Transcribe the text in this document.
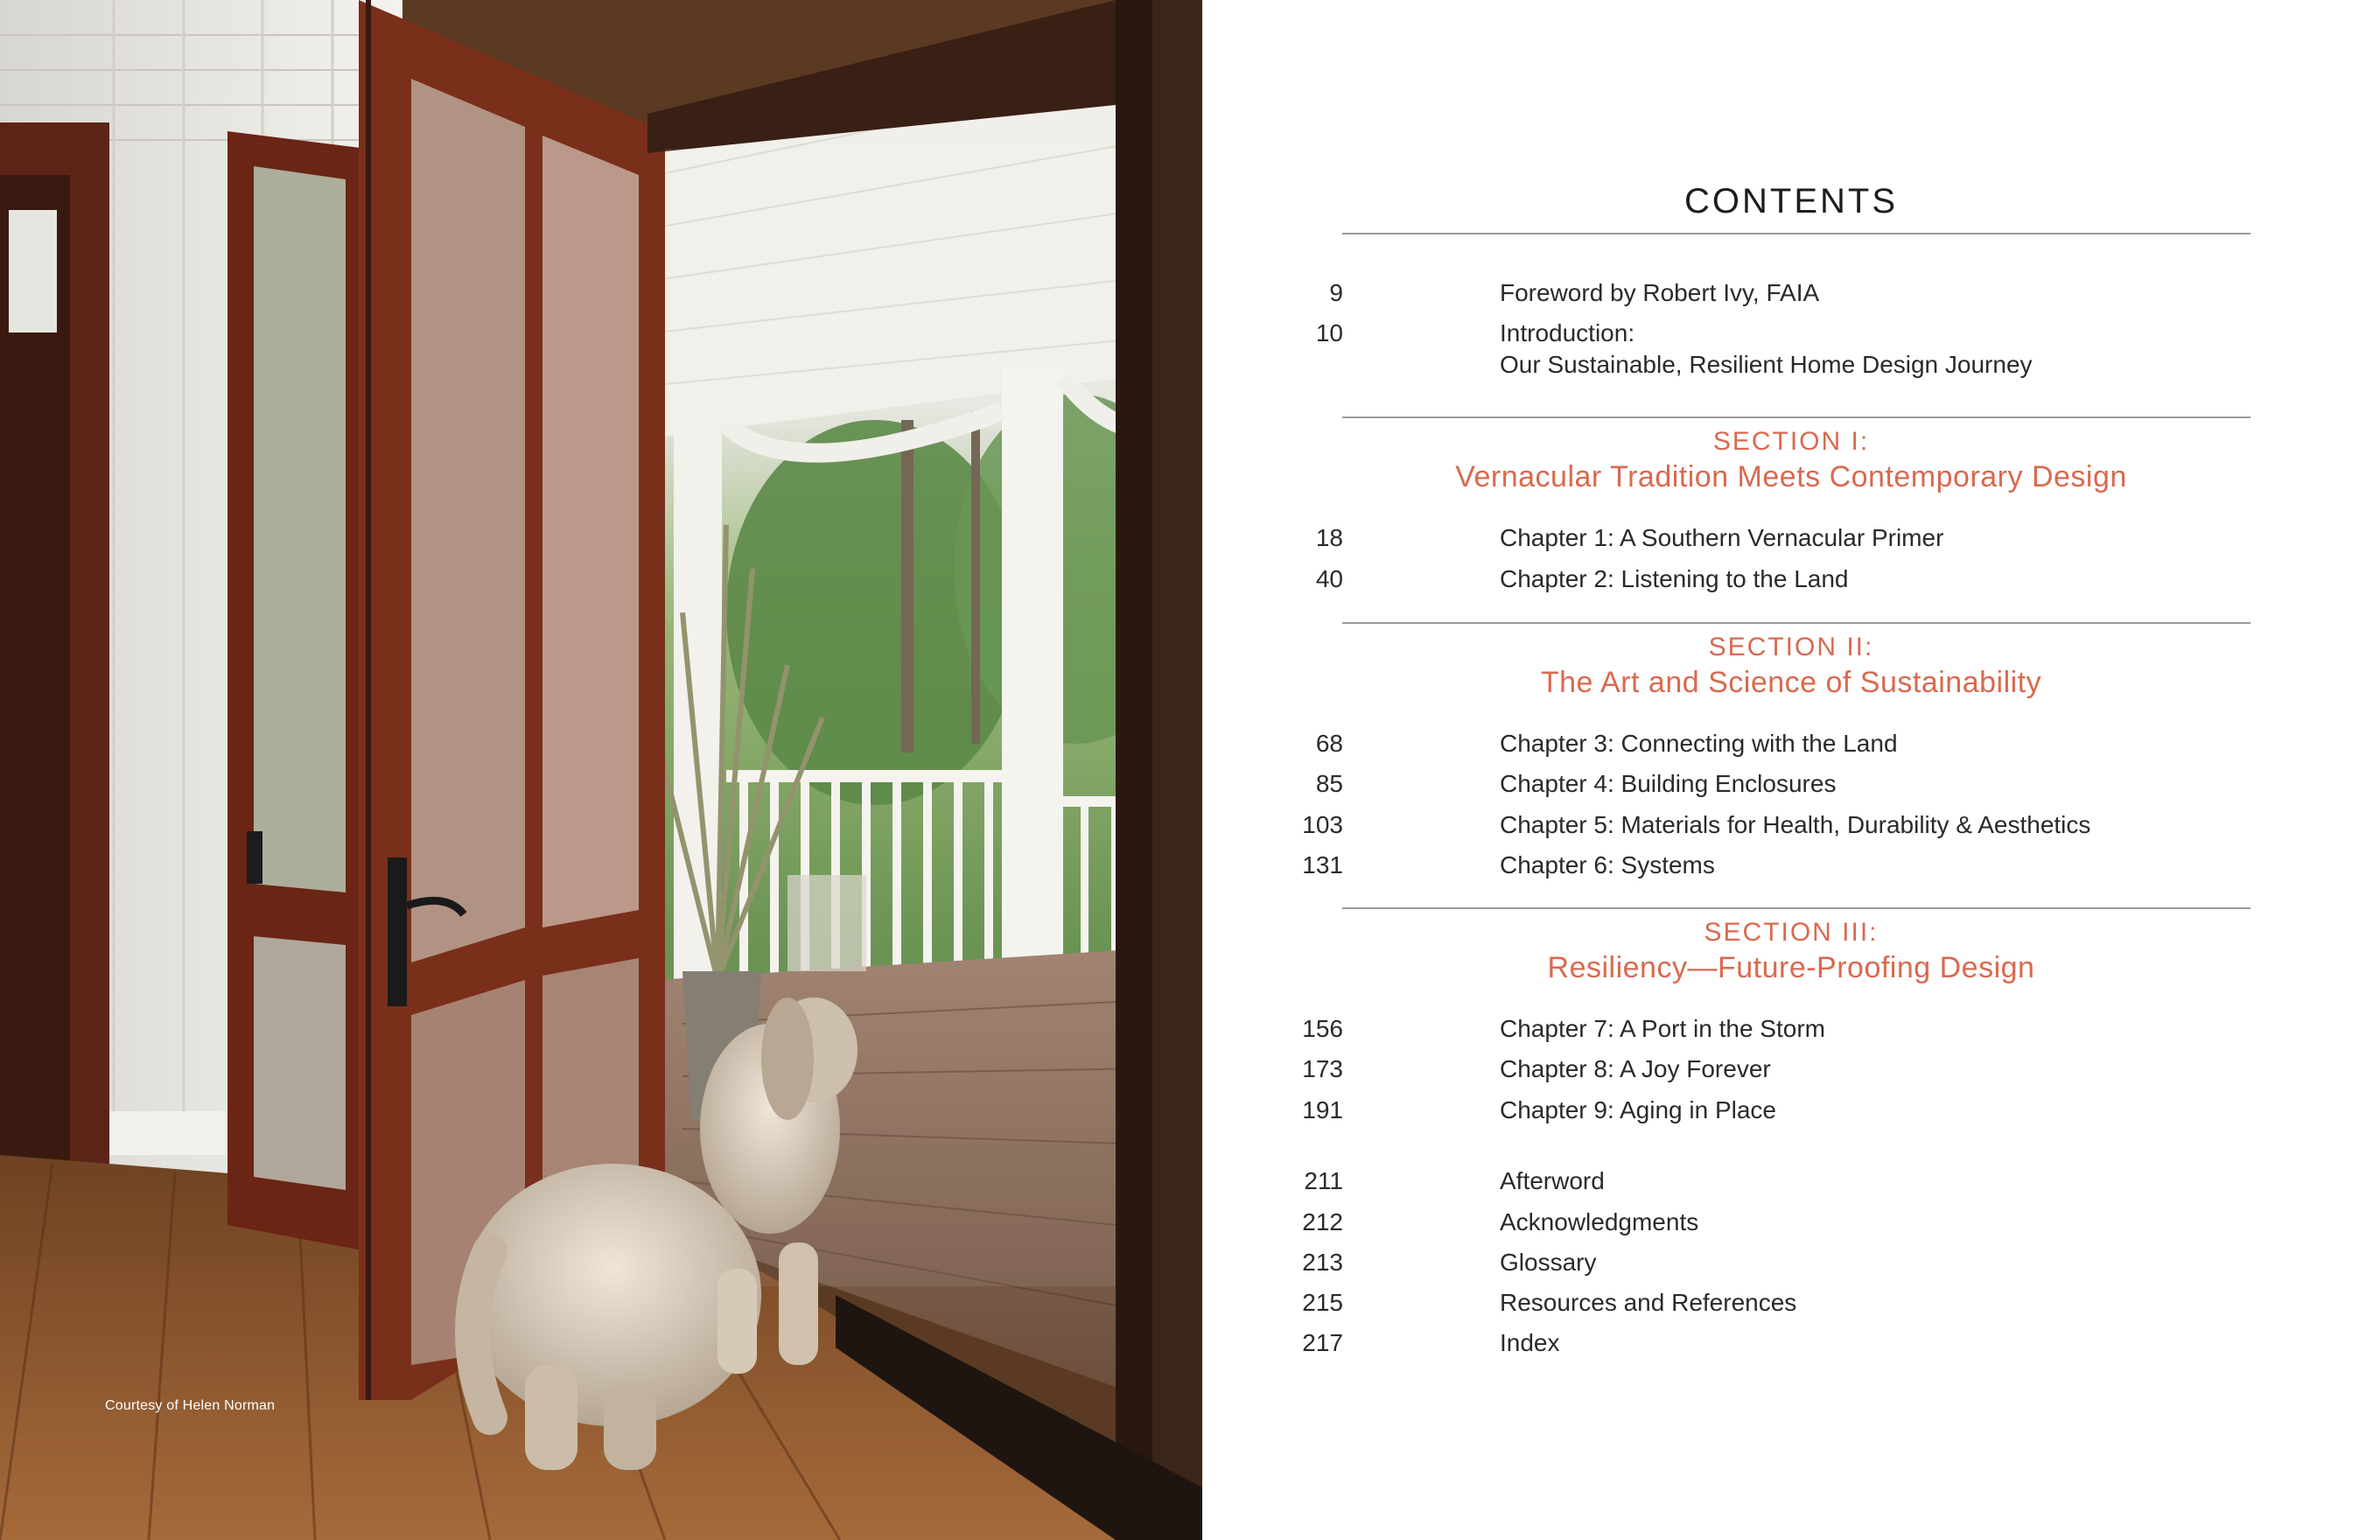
Courtesy of Helen Norman
CONTENTS
9	Foreword by Robert Ivy, FAIA
10	Introduction:
Our Sustainable, Resilient Home Design Journey
SECTION I:
Vernacular Tradition Meets Contemporary Design
18	Chapter 1: A Southern Vernacular Primer
40	Chapter 2: Listening to the Land
SECTION II:
The Art and Science of Sustainability
68	Chapter 3: Connecting with the Land
85	Chapter 4: Building Enclosures
103	Chapter 5: Materials for Health, Durability & Aesthetics
131	Chapter 6: Systems
SECTION III:
Resiliency—Future-Proofing Design
156	Chapter 7: A Port in the Storm
173	Chapter 8: A Joy Forever
191	Chapter 9: Aging in Place
211	Afterword
212	Acknowledgments
213	Glossary
215	Resources and References
217	Index
